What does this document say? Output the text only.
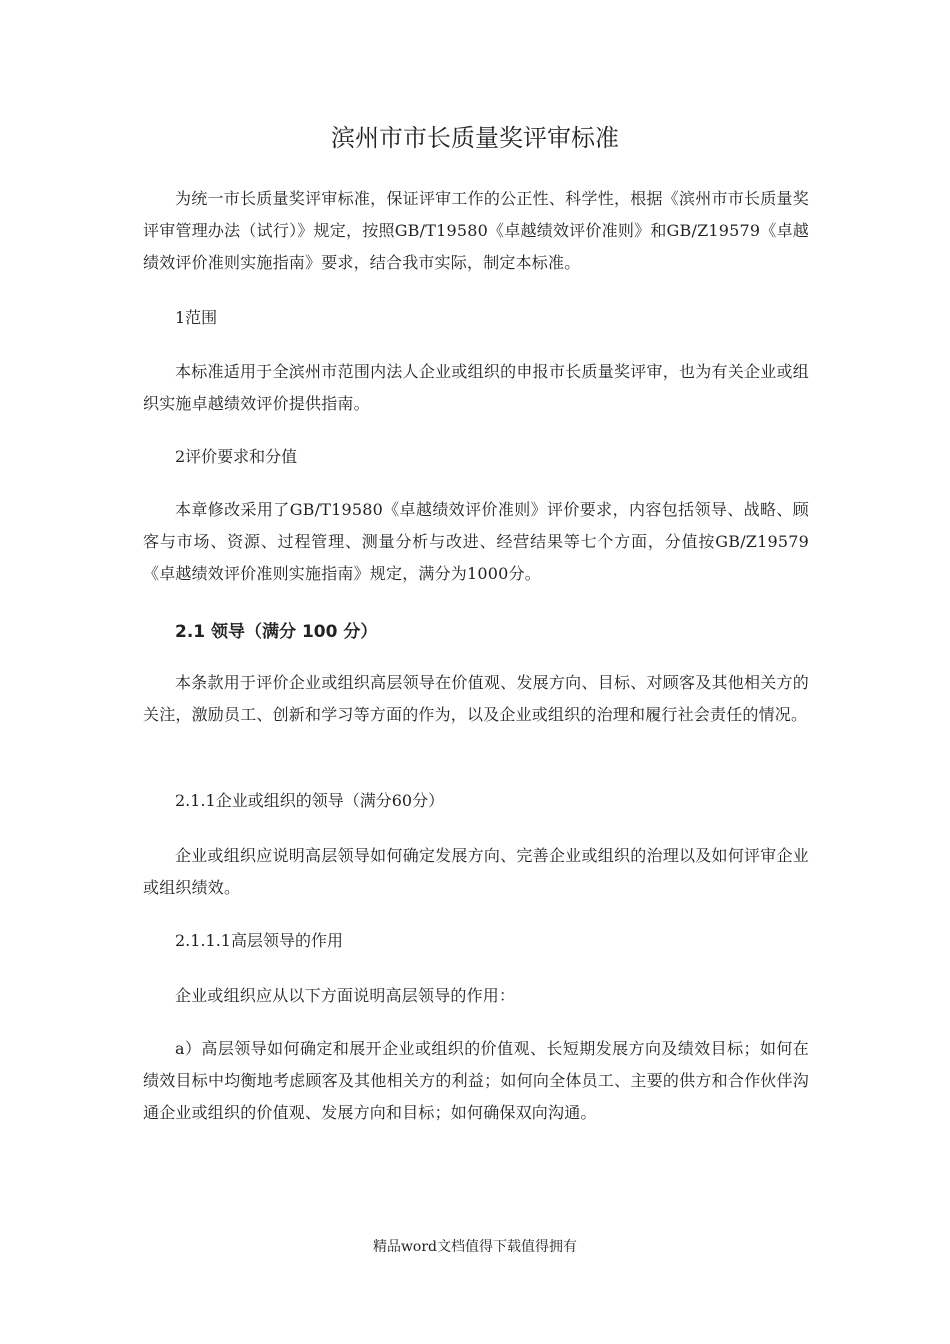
滨州市市长质量奖评审标准
为统一市长质量奖评审标准，保证评审工作的公正性、科学性，根据《滨州市市长质量奖评审管理办法（试行）》规定，按照GB/T19580《卓越绩效评价准则》和GB/Z19579《卓越绩效评价准则实施指南》要求，结合我市实际，制定本标准。
1范围
本标准适用于全滨州市范围内法人企业或组织的申报市长质量奖评审，也为有关企业或组织实施卓越绩效评价提供指南。
2评价要求和分值
本章修改采用了GB/T19580《卓越绩效评价准则》评价要求，内容包括领导、战略、顾客与市场、资源、过程管理、测量分析与改进、经营结果等七个方面，分值按GB/Z19579《卓越绩效评价准则实施指南》规定，满分为1000分。
2.1 领导（满分 100 分）
本条款用于评价企业或组织高层领导在价值观、发展方向、目标、对顾客及其他相关方的关注，激励员工、创新和学习等方面的作为，以及企业或组织的治理和履行社会责任的情况。
2.1.1企业或组织的领导（满分60分）
企业或组织应说明高层领导如何确定发展方向、完善企业或组织的治理以及如何评审企业或组织绩效。
2.1.1.1高层领导的作用
企业或组织应从以下方面说明高层领导的作用：
a）高层领导如何确定和展开企业或组织的价值观、长短期发展方向及绩效目标；如何在绩效目标中均衡地考虑顾客及其他相关方的利益；如何向全体员工、主要的供方和合作伙伴沟通企业或组织的价值观、发展方向和目标；如何确保双向沟通。
精品word文档值得下载值得拥有
